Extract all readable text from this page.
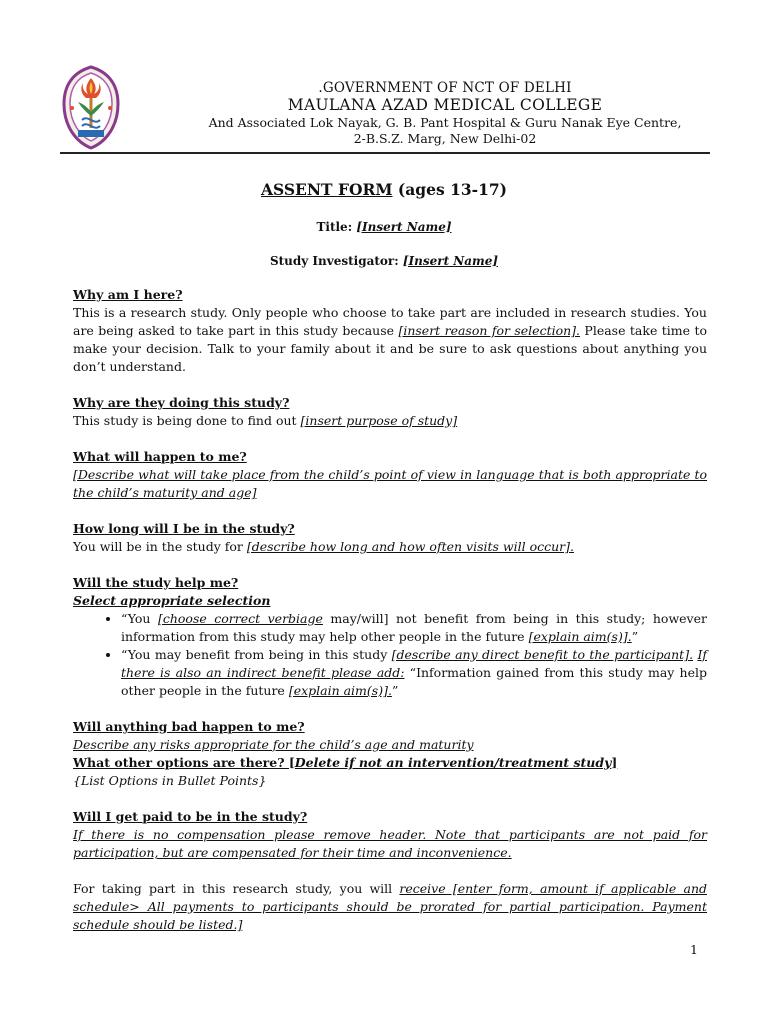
.GOVERNMENT OF NCT OF DELHI
MAULANA AZAD MEDICAL COLLEGE
And Associated Lok Nayak, G. B. Pant Hospital & Guru Nanak Eye Centre,
2-B.S.Z. Marg, New Delhi-02
ASSENT FORM (ages 13-17)
Title: [Insert Name]
Study Investigator: [Insert Name]

Why am I here?

This is a research study. Only people who choose to take part are included in research studies. You are being asked to take part in this study because [insert reason for selection]. Please take time to make your decision. Talk to your family about it and be sure to ask questions about anything you don’t understand.

Why are they doing this study?

This study is being done to find out [insert purpose of study]

What will happen to me?

[Describe what will take place from the child’s point of view in language that is both appropriate to the child’s maturity and age]

How long will I be in the study?

You will be in the study for [describe how long and how often visits will occur].

Will the study help me?

Select appropriate selection

• “You [choose correct verbiage may/will] not benefit from being in this study; however information from this study may help other people in the future [explain aim(s)].”
• “You may benefit from being in this study [describe any direct benefit to the participant]. If there is also an indirect benefit please add: “Information gained from this study may help other people in the future [explain aim(s)].”

Will anything bad happen to me?

Describe any risks appropriate for the child’s age and maturity

What other options are there? [Delete if not an intervention/treatment study]

{List Options in Bullet Points}

Will I get paid to be in the study?

If there is no compensation please remove header. Note that participants are not paid for participation, but are compensated for their time and inconvenience.

For taking part in this research study, you will receive [enter form, amount if applicable and schedule> All payments to participants should be prorated for partial participation. Payment schedule should be listed.]

1
